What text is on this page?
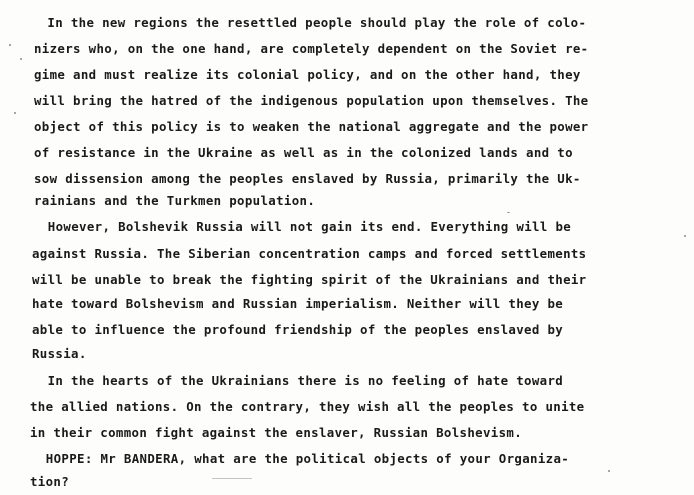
In the new regions the resettled people should play the role of colo-
nizers who, on the one hand, are completely dependent on the Soviet re-
gime and must realize its colonial policy, and on the other hand, they
will bring the hatred of the indigenous population upon themselves. The
object of this policy is to weaken the national aggregate and the power
of resistance in the Ukraine as well as in the colonized lands and to
sow dissension among the peoples enslaved by Russia, primarily the Uk-
rainians and the Turkmen population.
However, Bolshevik Russia will not gain its end. Everything will be
against Russia. The Siberian concentration camps and forced settlements
will be unable to break the fighting spirit of the Ukrainians and their
hate toward Bolshevism and Russian imperialism. Neither will they be
able to influence the profound friendship of the peoples enslaved by
Russia.
In the hearts of the Ukrainians there is no feeling of hate toward
the allied nations. On the contrary, they wish all the peoples to unite
in their common fight against the enslaver, Russian Bolshevism.
HOPPE: Mr BANDERA, what are the political objects of your Organiza-
tion?
